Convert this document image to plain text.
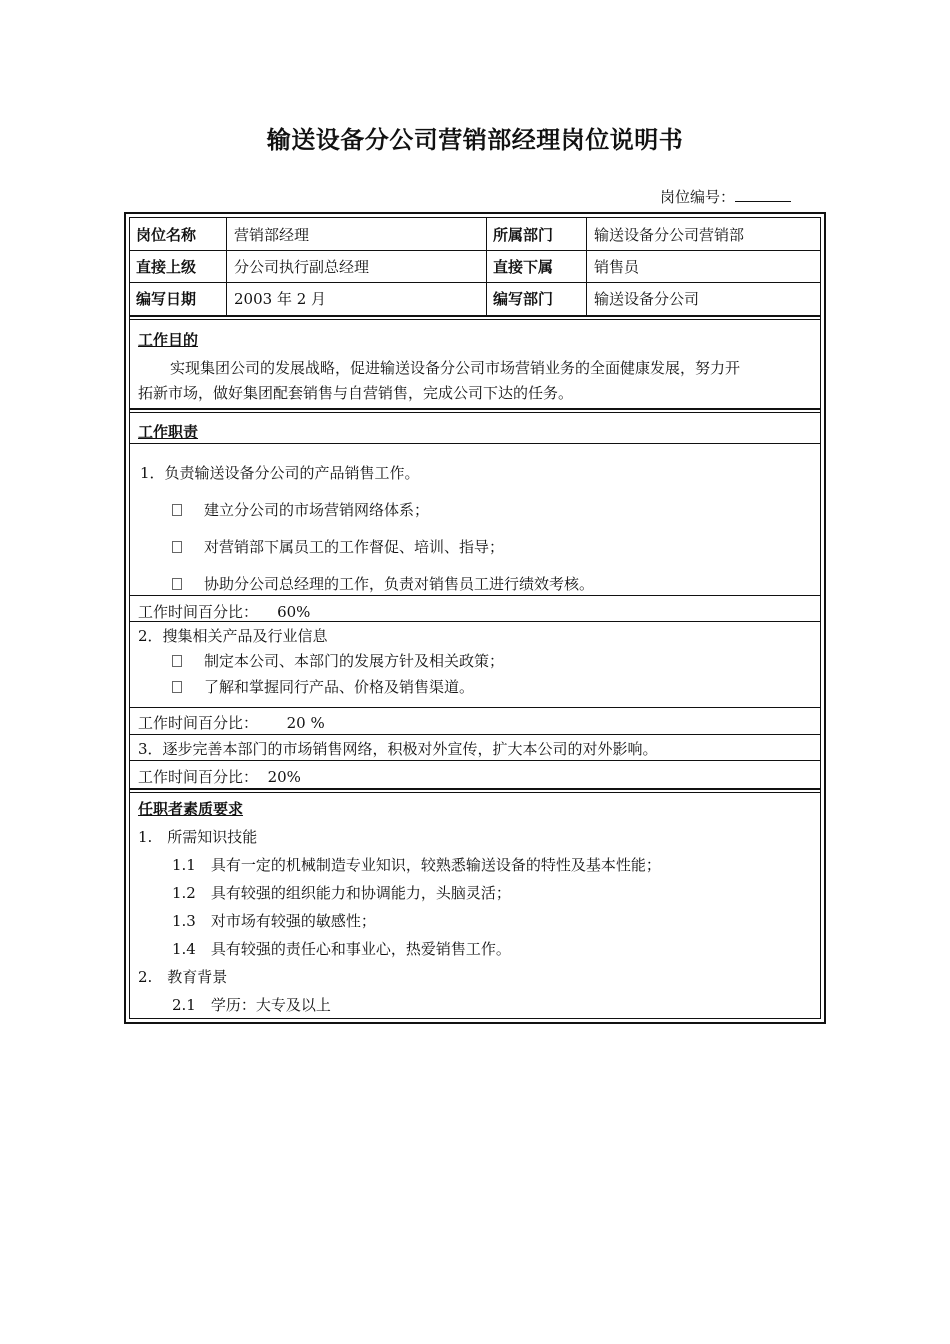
输送设备分公司营销部经理岗位说明书
岗位编号：
岗位名称	营销部经理	所属部门	输送设备分公司营销部
直接上级	分公司执行副总经理	直接下属	销售员
编写日期	2003 年 2 月	编写部门	输送设备分公司
工作目的
实现集团公司的发展战略，促进输送设备分公司市场营销业务的全面健康发展，努力开
拓新市场，做好集团配套销售与自营销售，完成公司下达的任务。
工作职责
1．负责输送设备分公司的产品销售工作。
建立分公司的市场营销网络体系；
对营销部下属员工的工作督促、培训、指导；
协助分公司总经理的工作，负责对销售员工进行绩效考核。
工作时间百分比： 60%
2．搜集相关产品及行业信息
制定本公司、本部门的发展方针及相关政策；
了解和掌握同行产品、价格及销售渠道。
工作时间百分比： 20 %
3．逐步完善本部门的市场销售网络，积极对外宣传，扩大本公司的对外影响。
工作时间百分比： 20%
任职者素质要求
1.　所需知识技能
1.1　具有一定的机械制造专业知识，较熟悉输送设备的特性及基本性能；
1.2　具有较强的组织能力和协调能力，头脑灵活；
1.3　对市场有较强的敏感性；
1.4　具有较强的责任心和事业心，热爱销售工作。
2.　教育背景
2.1　学历：大专及以上
